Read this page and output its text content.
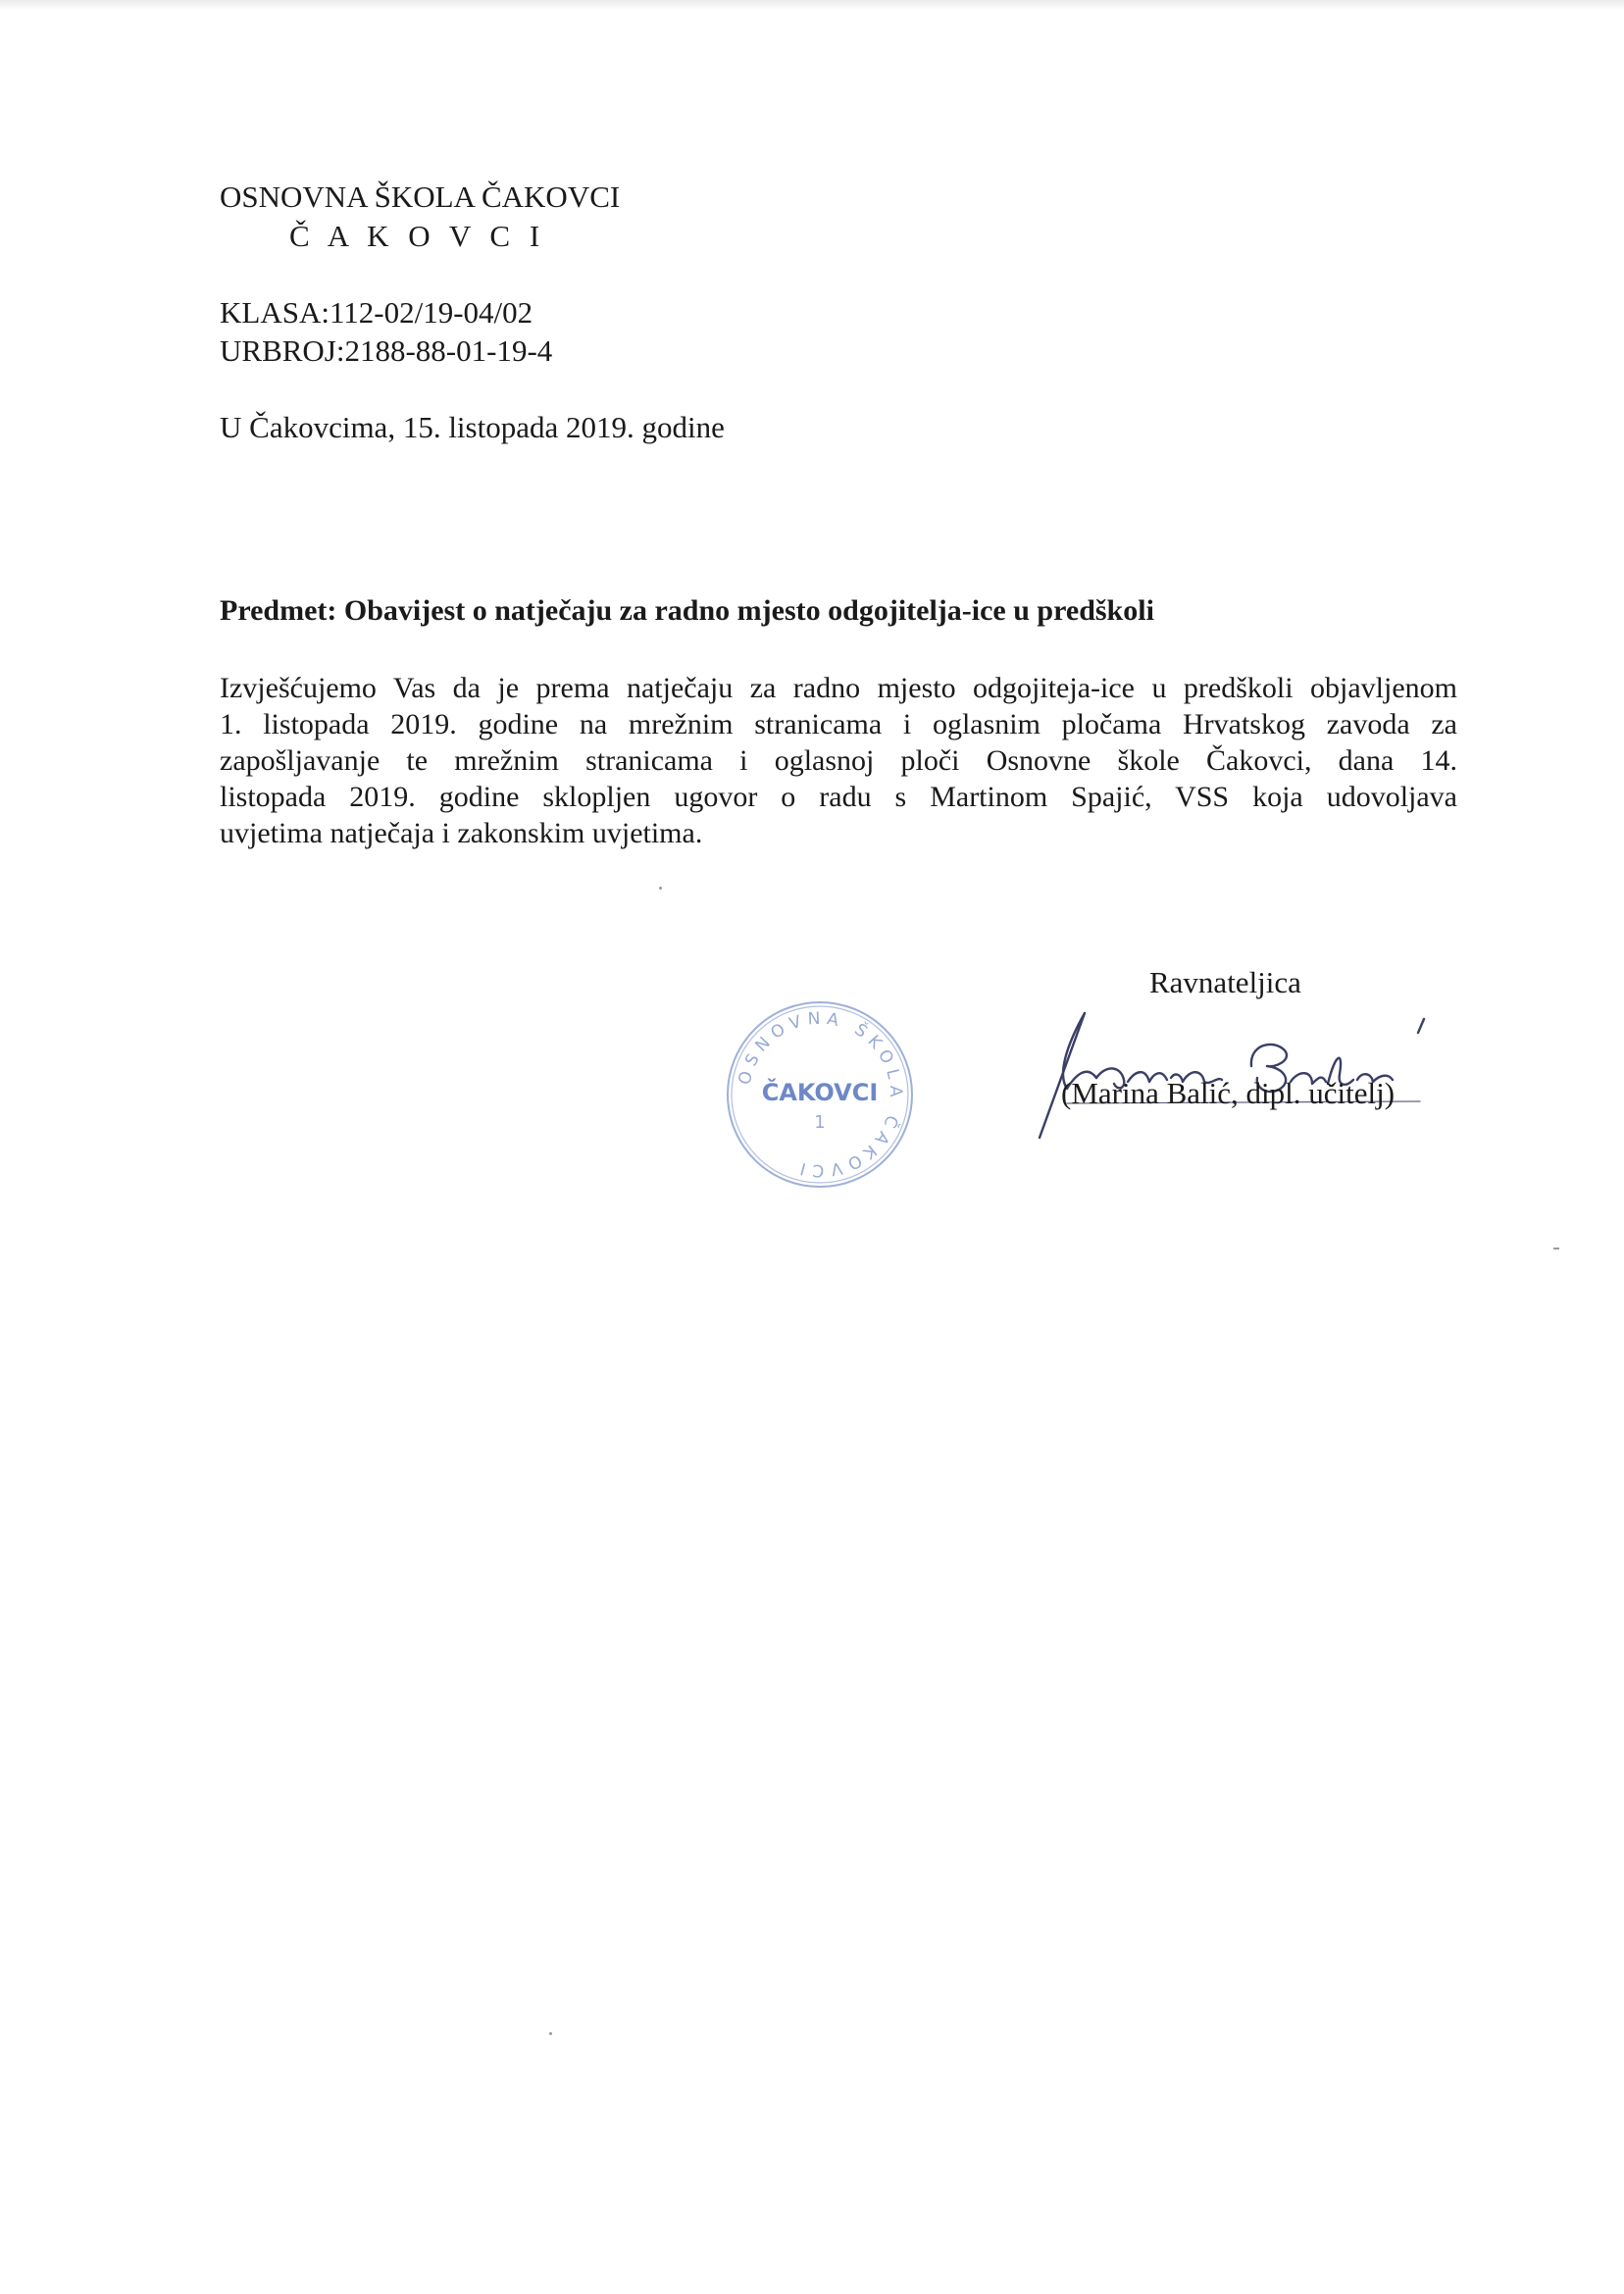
OSNOVNA ŠKOLA ČAKOVCI
Č A K O V C I
KLASA:112-02/19-04/02
URBROJ:2188-88-01-19-4
U Čakovcima, 15. listopada 2019. godine
Predmet: Obavijest o natječaju za radno mjesto odgojitelja-ice u predškoli
Izvješćujemo Vas da je prema natječaju za radno mjesto odgojiteja-ice u predškoli objavljenom
1. listopada 2019. godine na mrežnim stranicama i oglasnim pločama Hrvatskog zavoda za
zapošljavanje te mrežnim stranicama i oglasnoj ploči Osnovne škole Čakovci, dana 14.
listopada 2019. godine sklopljen ugovor o radu s Martinom Spajić, VSS koja udovoljava
uvjetima natječaja i zakonskim uvjetima.
Ravnateljica
OSNOVNA ŠKOLA ČAKOVCI
ČAKOVCI
1
(Marina Balić, dipl. učitelj)
